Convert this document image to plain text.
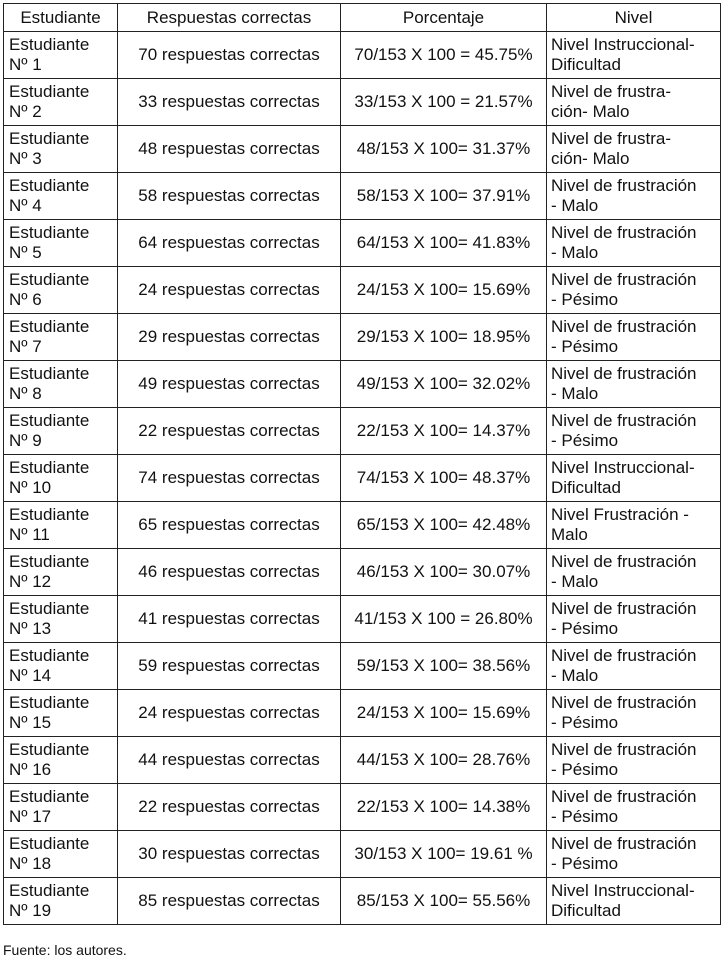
Estudiante	Respuestas correctas	Porcentaje	Nivel

Estudiante
Nº 1	70 respuestas correctas	70/153 X 100 = 45.75%	Nivel Instruccional-
Dificultad

Estudiante
Nº 2	33 respuestas correctas	33/153 X 100 = 21.57%	Nivel de frustra-
ción- Malo

Estudiante
Nº 3	48 respuestas correctas	48/153 X 100= 31.37%	Nivel de frustra-
ción- Malo

Estudiante
Nº 4	58 respuestas correctas	58/153 X 100= 37.91%	Nivel de frustración
- Malo

Estudiante
Nº 5	64 respuestas correctas	64/153 X 100= 41.83%	Nivel de frustración
- Malo

Estudiante
Nº 6	24 respuestas correctas	24/153 X 100= 15.69%	Nivel de frustración
- Pésimo

Estudiante
Nº 7	29 respuestas correctas	29/153 X 100= 18.95%	Nivel de frustración
- Pésimo

Estudiante
Nº 8	49 respuestas correctas	49/153 X 100= 32.02%	Nivel de frustración
- Malo

Estudiante
Nº 9	22 respuestas correctas	22/153 X 100= 14.37%	Nivel de frustración
- Pésimo

Estudiante
Nº 10	74 respuestas correctas	74/153 X 100= 48.37%	Nivel Instruccional-
Dificultad

Estudiante
Nº 11	65 respuestas correctas	65/153 X 100= 42.48%	Nivel Frustración -
Malo

Estudiante
Nº 12	46 respuestas correctas	46/153 X 100= 30.07%	Nivel de frustración
- Malo

Estudiante
Nº 13	41 respuestas correctas	41/153 X 100 = 26.80%	Nivel de frustración
- Pésimo

Estudiante
Nº 14	59 respuestas correctas	59/153 X 100= 38.56%	Nivel de frustración
- Malo

Estudiante
Nº 15	24 respuestas correctas	24/153 X 100= 15.69%	Nivel de frustración
- Pésimo

Estudiante
Nº 16	44 respuestas correctas	44/153 X 100= 28.76%	Nivel de frustración
- Pésimo

Estudiante
Nº 17	22 respuestas correctas	22/153 X 100= 14.38%	Nivel de frustración
- Pésimo

Estudiante
Nº 18	30 respuestas correctas	30/153 X 100= 19.61 %	Nivel de frustración
- Pésimo

Estudiante
Nº 19	85 respuestas correctas	85/153 X 100= 55.56%	Nivel Instruccional-
Dificultad
Fuente: los autores.
